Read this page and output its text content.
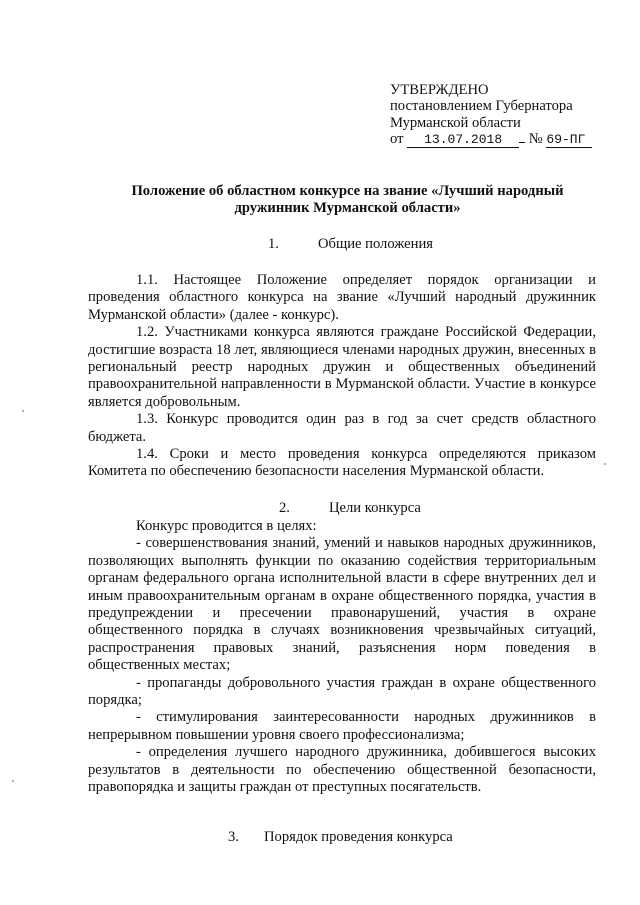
УТВЕРЖДЕНО
постановлением Губернатора
Мурманской области
от 13.07.2018 № 69-ПГ
Положение об областном конкурсе на звание «Лучший народный
дружинник Мурманской области»
1.	Общие положения

1.1. Настоящее Положение определяет порядок организации и проведения областного конкурса на звание «Лучший народный дружинник Мурманской области» (далее - конкурс).

1.2. Участниками конкурса являются граждане Российской Федерации, достигшие возраста 18 лет, являющиеся членами народных дружин, внесенных в региональный реестр народных дружин и общественных объединений правоохранительной направленности в Мурманской области. Участие в конкурсе является добровольным.

1.3. Конкурс проводится один раз в год за счет средств областного бюджета.

1.4. Сроки и место проведения конкурса определяются приказом Комитета по обеспечению безопасности населения Мурманской области.

2.	Цели конкурса

Конкурс проводится в целях:

- совершенствования знаний, умений и навыков народных дружинников, позволяющих выполнять функции по оказанию содействия территориальным органам федерального органа исполнительной власти в сфере внутренних дел и иным правоохранительным органам в охране общественного порядка, участия в предупреждении и пресечении правонарушений, участия в охране общественного порядка в случаях возникновения чрезвычайных ситуаций, распространения правовых знаний, разъяснения норм поведения в общественных местах;

- пропаганды добровольного участия граждан в охране общественного порядка;

- стимулирования заинтересованности народных дружинников в непрерывном повышении уровня своего профессионализма;

- определения лучшего народного дружинника, добившегося высоких результатов в деятельности по обеспечению общественной безопасности, правопорядка и защиты граждан от преступных посягательств.

3. Порядок проведения конкурса
